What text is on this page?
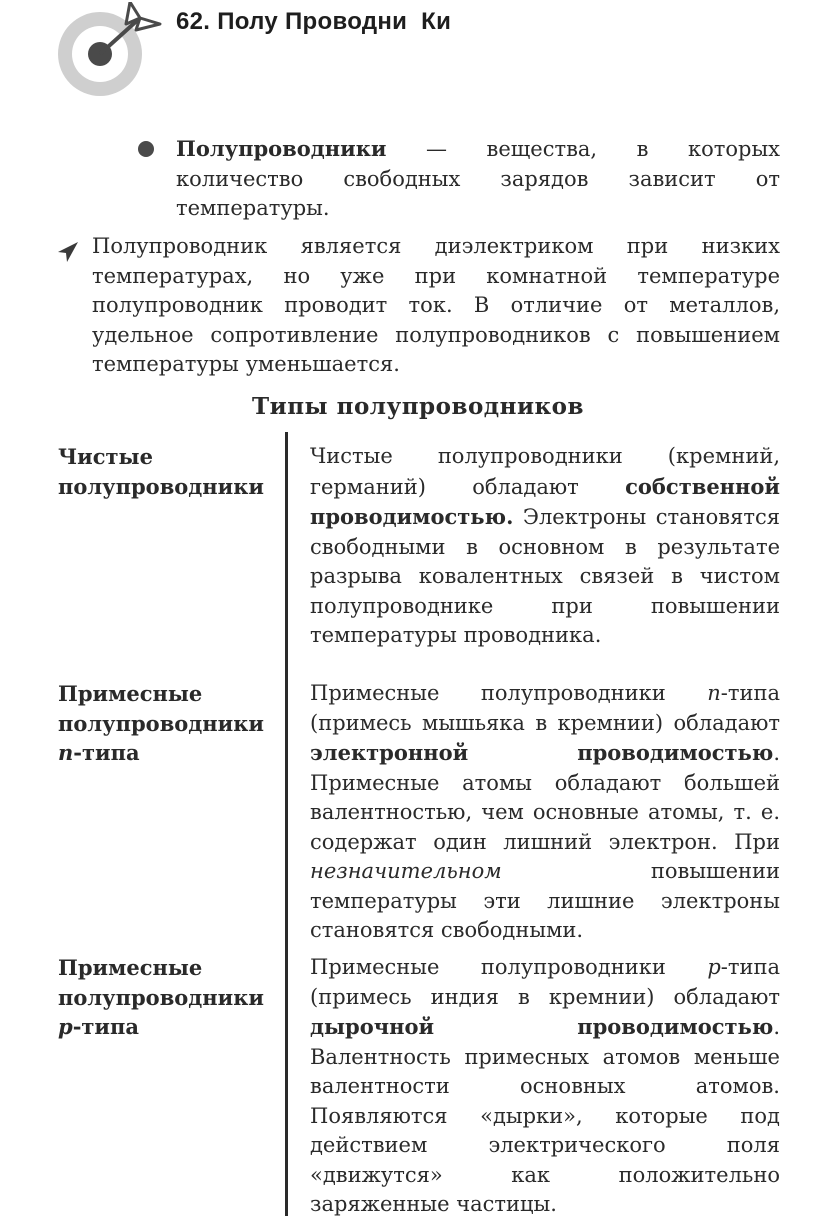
62. Полу Проводни  Ки

Полупроводники — вещества, в которых количество свободных зарядов зависит от температуры.

Полупроводник является диэлектриком при низких температурах, но уже при комнатной температуре полупроводник проводит ток. В отличие от металлов, удельное сопротивление полупроводников с повышением температуры уменьшается.

Типы полупроводников
Чистые полупроводники
Чистые полупроводники (кремний, германий) обладают собственной проводимостью. Электроны становятся свободными в основном в результате разрыва ковалентных связей в чистом полупроводнике при повышении температуры проводника.
Примесные полупроводники n-типа
Примесные полупроводники n-типа (примесь мышьяка в кремнии) обладают электронной проводимостью. Примесные атомы обладают большей валентностью, чем основные атомы, т. е. содержат один лишний электрон. При незначительном повышении температуры эти лишние электроны становятся свободными.
Примесные полупроводники p-типа
Примесные полупроводники p-типа (примесь индия в кремнии) обладают дырочной проводимостью. Валентность примесных атомов меньше валентности основных атомов. Появляются «дырки», которые под действием электрического поля «движутся» как положительно заряженные частицы.
